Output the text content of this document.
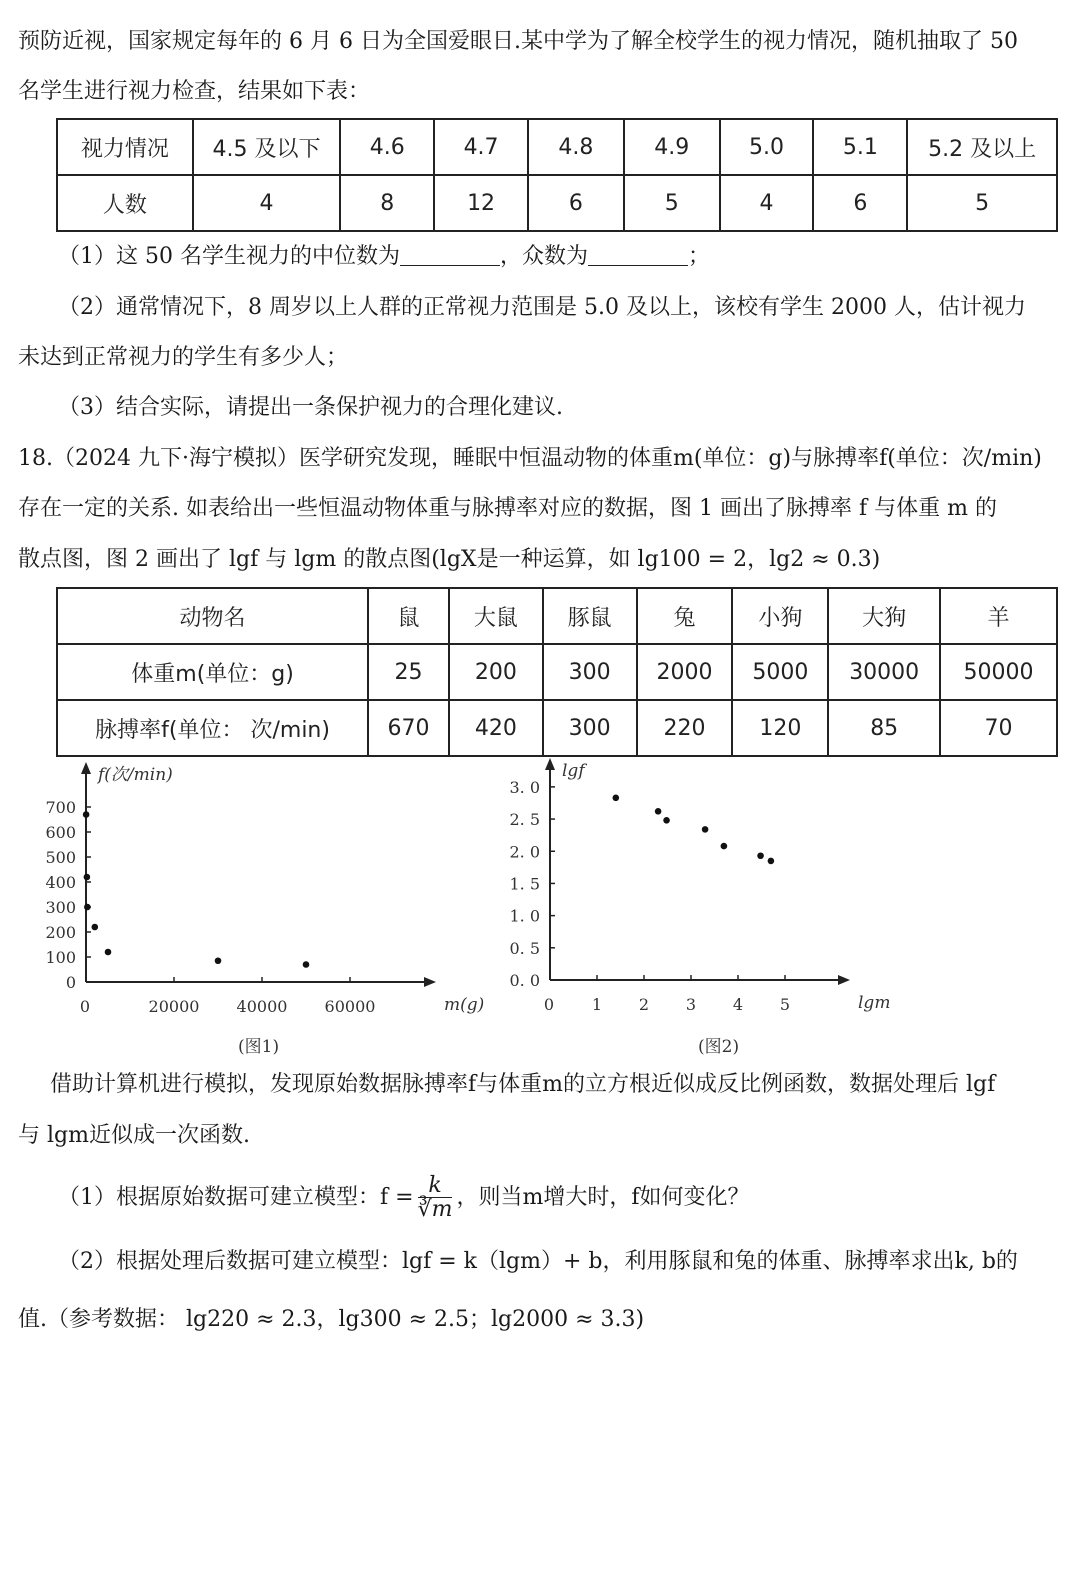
预防近视，国家规定每年的 6 月 6 日为全国爱眼日.某中学为了解全校学生的视力情况，随机抽取了 50
名学生进行视力检查，结果如下表：
视力情况	4.5 及以下	4.6	4.7	4.8	4.9	5.0	5.1	5.2 及以上
人数	4	8	12	6	5	4	6	5
（1）这 50 名学生视力的中位数为	，众数为	；
（2）通常情况下，8 周岁以上人群的正常视力范围是 5.0 及以上，该校有学生 2000 人，估计视力
未达到正常视力的学生有多少人；
（3）结合实际，请提出一条保护视力的合理化建议.
18.（2024 九下·海宁模拟）医学研究发现，睡眠中恒温动物的体重m(单位：g)与脉搏率f(单位：次/min)
存在一定的关系. 如表给出一些恒温动物体重与脉搏率对应的数据，图 1 画出了脉搏率 f 与体重 m 的
散点图，图 2 画出了 lgf 与 lgm 的散点图(lgX是一种运算，如 lg100 = 2，lg2 ≈ 0.3)
动物名	鼠	大鼠	豚鼠	兔	小狗	大狗	羊
体重m(单位：g)	25	200	300	2000	5000	30000	50000
脉搏率f(单位： 次/min)	670	420	300	220	120	85	70
700
600
500
400
300
200
100
0
0	20000 40000 60000
f(次/min)
m(g)
(图1)
3. 0
2. 5
2. 0
1. 5
1. 0
0. 5
0. 0
0 1 2 3 4 5
lgf
lgm
(图2)
借助计算机进行模拟，发现原始数据脉搏率f与体重m的立方根近似成反比例函数，数据处理后 lgf
与 lgm近似成一次函数.
（1）根据原始数据可建立模型：$f = \frac{k}{∛m}$ ，则当m增大时，f如何变化？
（2）根据处理后数据可建立模型：lgf = k（lgm）+ b，利用豚鼠和兔的体重、脉搏率求出k, b的
值.（参考数据： lg220 ≈ 2.3，lg300 ≈ 2.5；lg2000 ≈ 3.3)
